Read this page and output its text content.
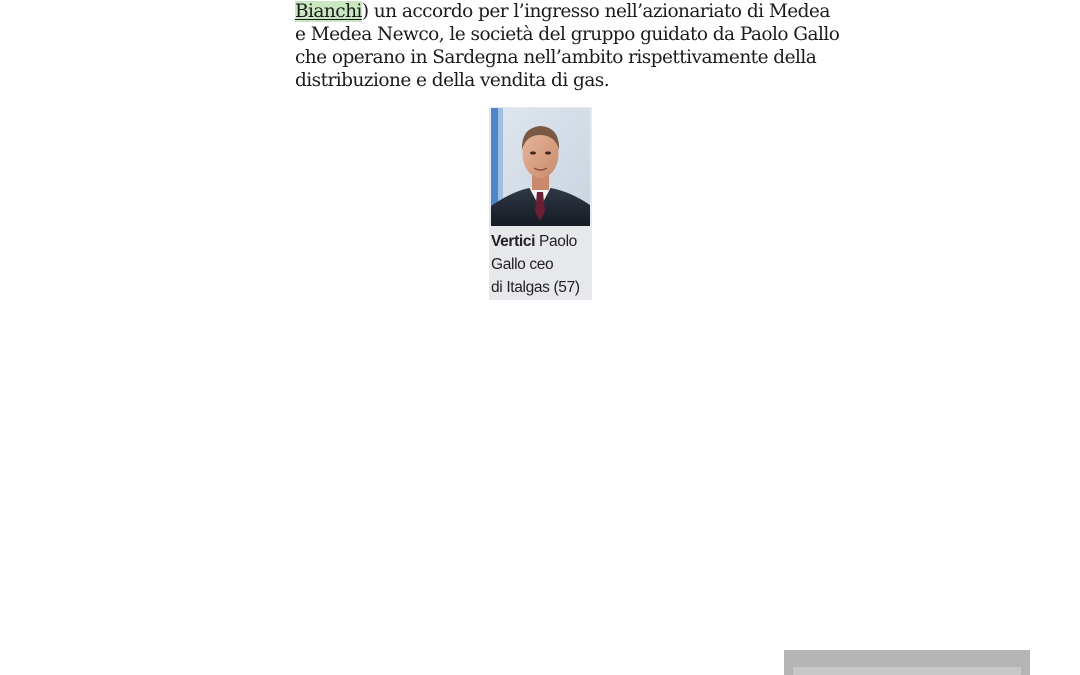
Bianchi) un accordo per l’ingresso nell’azionariato di Medea
e Medea Newco, le società del gruppo guidato da Paolo Gallo
che operano in Sardegna nell’ambito rispettivamente della
distribuzione e della vendita di gas.
Vertici Paolo
Gallo ceo
di Italgas (57)
